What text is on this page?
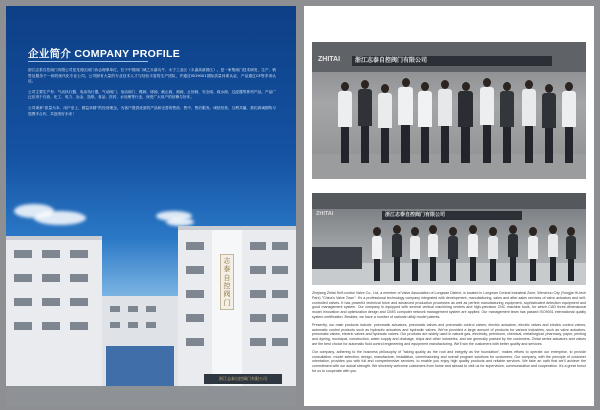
企业简介 COMPANY PROFILE

浙江志泰自控阀门有限公司是龙湾区阀门协会理事单位，位于中国阀门城之永嘉乌牛、永宁工业区（永嘉高新园区）。是一家集阀门技术研发、生产、销售及服务于一体的现代化专业公司。公司拥有大量的专业技术人才与经验丰富的生产团队，并通过ISO9001国际质量体系认证，产品通过CE等多项认证。

公司主要生产有：气动执行器、电动执行器，气动阀门、电动阀门、蝶阀、球阀、截止阀、闸阀、止回阀、安全阀、疏水阀、过滤器等系列产品。产品广泛应用于石油、化工、电力、冶金、造纸、食品、医药、水处理等行业，深受广大用户的信赖与好评。

公司秉承“质量为本、用户至上、精益求精”的经营理念，为客户提供优质的产品和完善的售前、售中、售后服务。诚信经营，互利共赢，我们真诚期待与您携手合作，共创美好未来！

志
泰
自
控
阀
门
浙江志泰自控阀门有限公司
浙江志泰自控阀门有限公司
ZHITAI
浙江志泰自控阀门有限公司
ZHITAI

Zhejiang Zhitai Self-control Valve Co., Ltd, a member of Valve Association of Longwan District, is located in Longwan Central Industrial Zone, Wenzhou City (Yongjia Hi-tech Park) "China's Valve Town". It's a professional technology company integrated with development, manufacturing, sales and after-sales services of valve actuators and self-controlled valves. It has powerful technical force and advanced production processes as well as perfect manufacturing equipment, sophisticated detection equipment and good management system. Our company is equipped with several vertical machining centers and high-precision CNC machine tools, for which CAD three-dimensional model innovation and optimization design and CIMS computer network management system are applied. Our management team has passed ISO9001 international quality system certification. Besides, we have a number of national utility model patents.

Presently, our main products include: pneumatic actuators, pneumatic valves and pneumatic control valves; electric actuators, electric valves and electric control valves; automatic control products such as hydraulic actuators and hydraulic valves. We've provided a large amount of products for various industries, such as valve actuators, pneumatic valves, electric valves and hydraulic valves. Our products are widely used in natural gas, electricity, petroleum, chemical, metallurgical, pharmacy, paper, printing and dyeing, municipal, construction, water supply and drainage, ships and other industries, and are generally praised by the customers. Zhitai series actuators and valves are the best choice for automatic fluid control engineering and equipment manufacturing. We'll win the customers with better quality and services.

Our company, adhering to the business philosophy of "taking quality as the root and integrity as the foundation", makes efforts to operate our enterprise, to provide consultation, model selection, design, manufacture, installation, commissioning and overall program solutions for customers. Our company, with the principle of customer orientation, provides you with full and comprehensive services, to enable you enjoy high quality products and reliable services. We take an oath that we'll achieve the commitment with our actual strength. We sincerely welcome customers from home and abroad to visit us for supervision, communication and cooperation. It's a great honor for us to cooperate with you.
